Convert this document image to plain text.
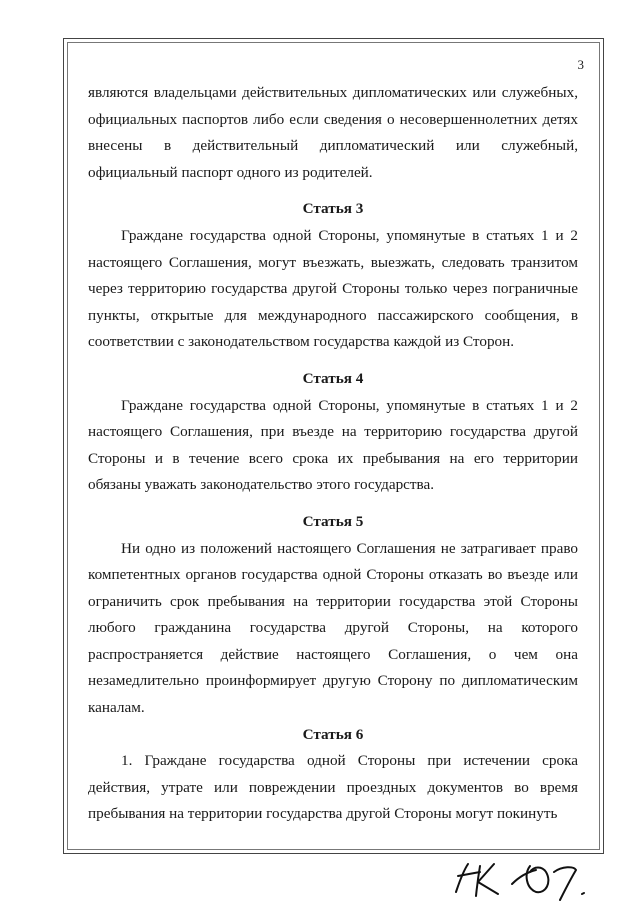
3

являются владельцами действительных дипломатических или служебных, официальных паспортов либо если сведения о несовершеннолетних детях внесены в действительный дипломатический или служебный, официальный паспорт одного из родителей.

Статья 3

Граждане государства одной Стороны, упомянутые в статьях 1 и 2 настоящего Соглашения, могут въезжать, выезжать, следовать транзитом через территорию государства другой Стороны только через пограничные пункты, открытые для международного пассажирского сообщения, в соответствии с законодательством государства каждой из Сторон.

Статья 4

Граждане государства одной Стороны, упомянутые в статьях 1 и 2 настоящего Соглашения, при въезде на территорию государства другой Стороны и в течение всего срока их пребывания на его территории обязаны уважать законодательство этого государства.

Статья 5

Ни одно из положений настоящего Соглашения не затрагивает право компетентных органов государства одной Стороны отказать во въезде или ограничить срок пребывания на территории государства этой Стороны любого гражданина государства другой Стороны, на которого распространяется действие настоящего Соглашения, о чем она незамедлительно проинформирует другую Сторону по дипломатическим каналам.

Статья 6

1. Граждане государства одной Стороны при истечении срока действия, утрате или повреждении проездных документов во время пребывания на территории государства другой Стороны могут покинуть
